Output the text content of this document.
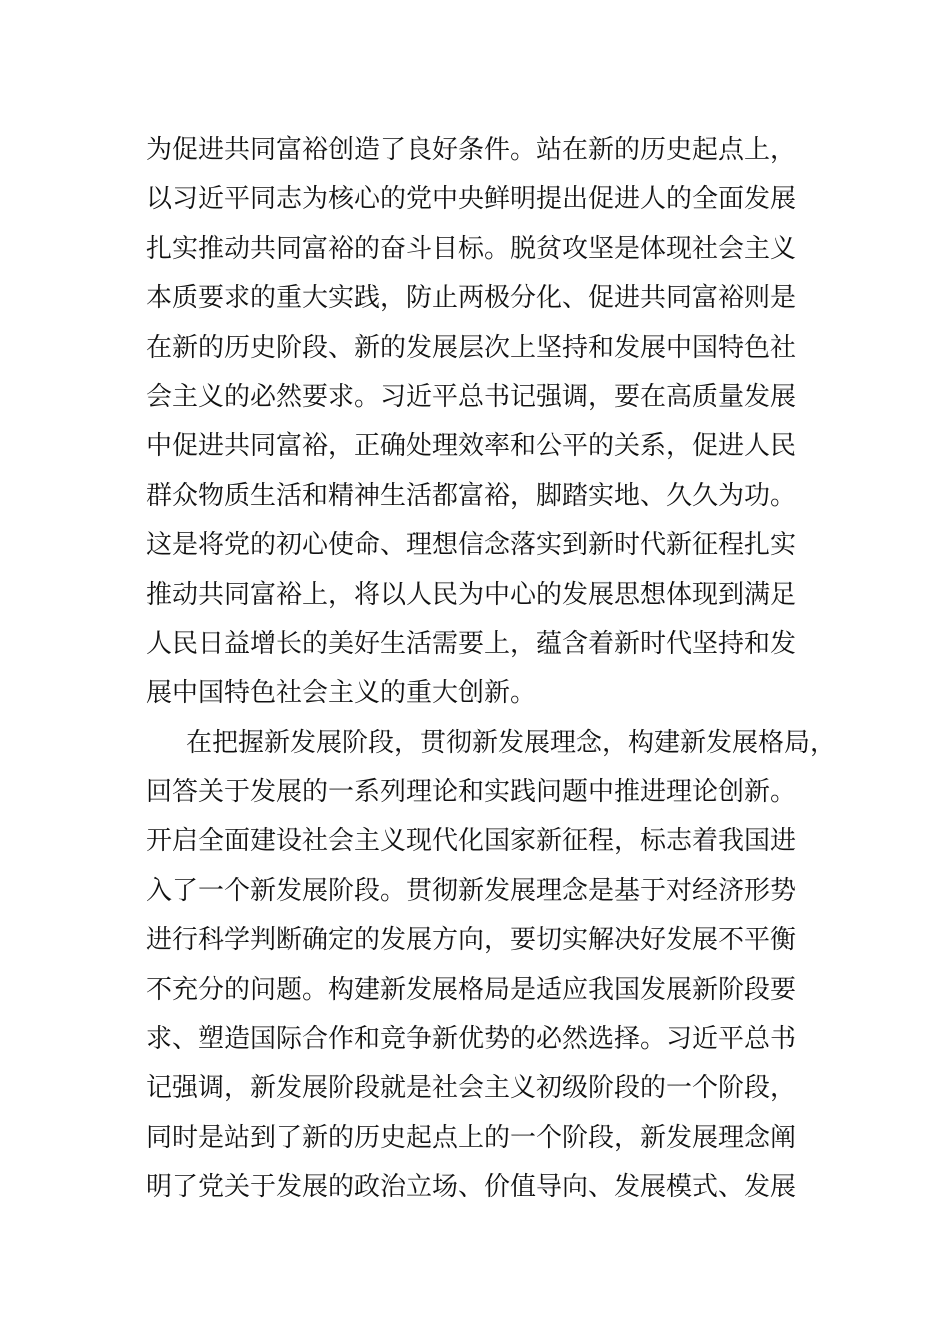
为促进共同富裕创造了良好条件。站在新的历史起点上，
以习近平同志为核心的党中央鲜明提出促进人的全面发展
扎实推动共同富裕的奋斗目标。脱贫攻坚是体现社会主义
本质要求的重大实践，防止两极分化、促进共同富裕则是
在新的历史阶段、新的发展层次上坚持和发展中国特色社
会主义的必然要求。习近平总书记强调，要在高质量发展
中促进共同富裕，正确处理效率和公平的关系，促进人民
群众物质生活和精神生活都富裕，脚踏实地、久久为功。
这是将党的初心使命、理想信念落实到新时代新征程扎实
推动共同富裕上，将以人民为中心的发展思想体现到满足
人民日益增长的美好生活需要上，蕴含着新时代坚持和发
展中国特色社会主义的重大创新。
在把握新发展阶段，贯彻新发展理念，构建新发展格局，
回答关于发展的一系列理论和实践问题中推进理论创新。
开启全面建设社会主义现代化国家新征程，标志着我国进
入了一个新发展阶段。贯彻新发展理念是基于对经济形势
进行科学判断确定的发展方向，要切实解决好发展不平衡
不充分的问题。构建新发展格局是适应我国发展新阶段要
求、塑造国际合作和竞争新优势的必然选择。习近平总书
记强调，新发展阶段就是社会主义初级阶段的一个阶段，
同时是站到了新的历史起点上的一个阶段，新发展理念阐
明了党关于发展的政治立场、价值导向、发展模式、发展
